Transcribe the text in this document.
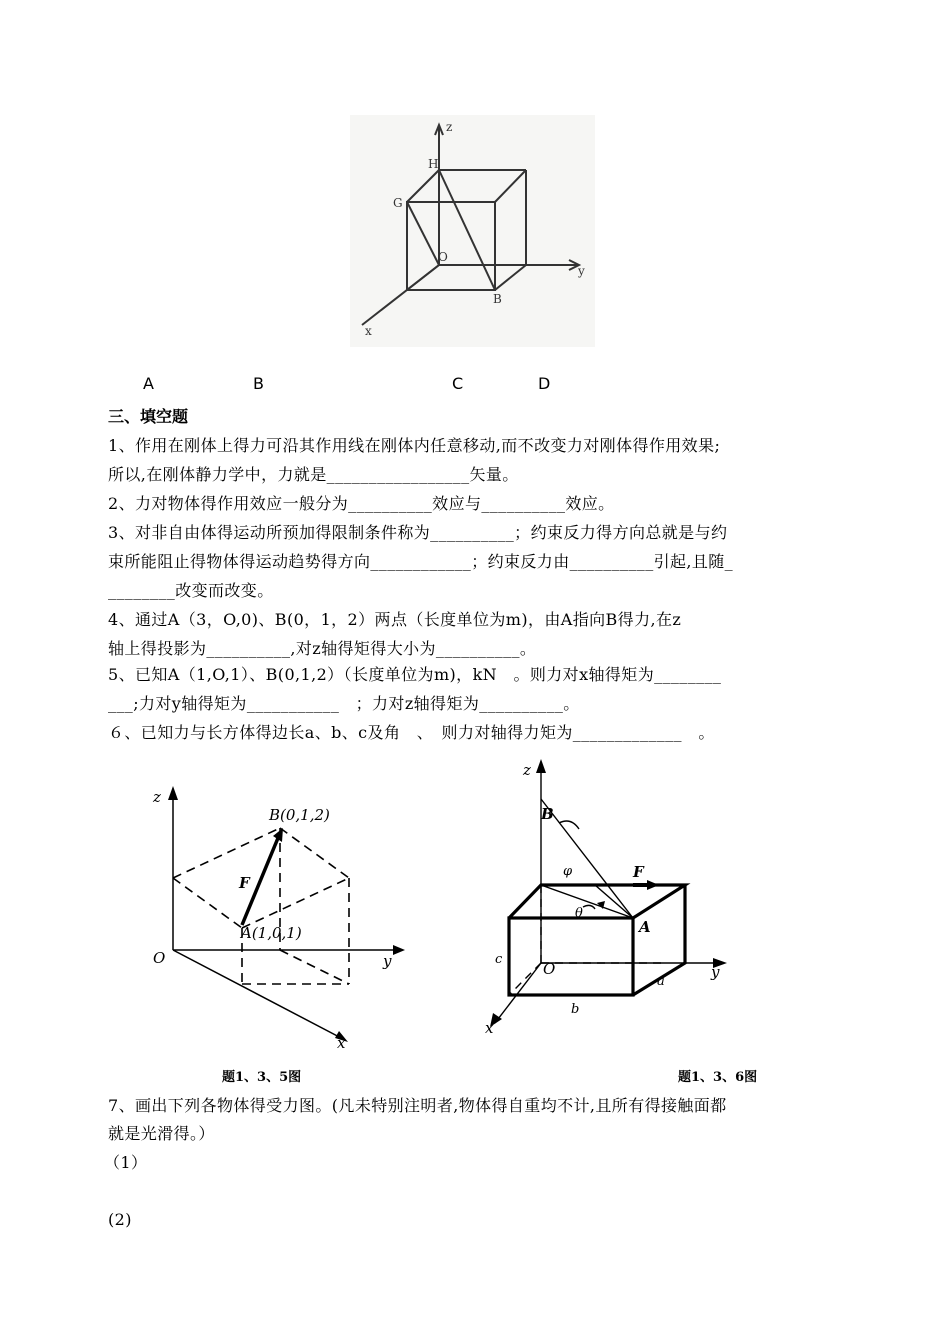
z
y
x
H
G
O
B
A	B	C	D
三、填空题
1、作用在刚体上得力可沿其作用线在刚体内任意移动,而不改变力对刚体得作用效果;
所以,在刚体静力学中，力就是_________________矢量。
2、力对物体得作用效应一般分为__________效应与__________效应。
3、对非自由体得运动所预加得限制条件称为__________；约束反力得方向总就是与约
束所能阻止得物体得运动趋势得方向____________；约束反力由__________引起,且随_
________改变而改变。
4、通过A（3，O,0)、B(0，1，2）两点（长度单位为m)，由A指向B得力,在z
轴上得投影为__________,对z轴得矩得大小为__________。
5、已知A（1,O,1）、B(0,1,2）（长度单位为m)，kN　。则力对x轴得矩为________
___;力对y轴得矩为___________　；力对z轴得矩为__________。
６、已知力与长方体得边长a、b、c及角　、　则力对轴得力矩为_____________　。
z
y
x
O
F
A(1,0,1)
B(0,1,2)
题1、3、5图
z
y
x
O
F
A
B
φ
θ
a
b
c
题1、3、6图
7、画出下列各物体得受力图。(凡未特别注明者,物体得自重均不计,且所有得接触面都
就是光滑得。）
（1）
(2)
